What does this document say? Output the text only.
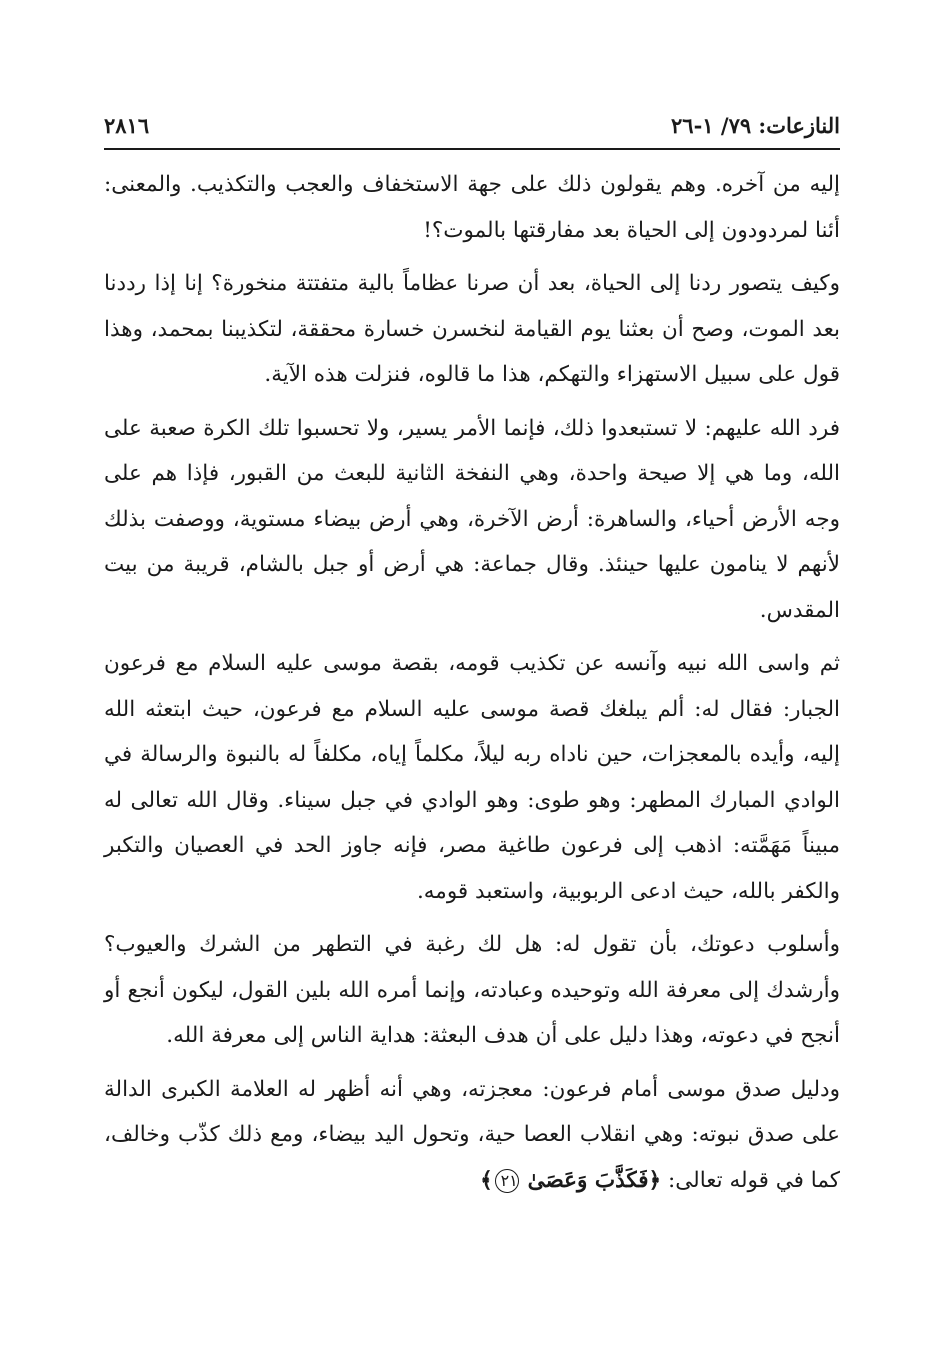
النازعات: ٧٩/ ١-٢٦
٢٨١٦

إليه من آخره. وهم يقولون ذلك على جهة الاستخفاف والعجب والتكذيب. والمعنى: أئنا لمردودون إلى الحياة بعد مفارقتها بالموت؟!

وكيف يتصور ردنا إلى الحياة، بعد أن صرنا عظاماً بالية متفتتة منخورة؟ إنا إذا رددنا بعد الموت، وصح أن بعثنا يوم القيامة لنخسرن خسارة محققة، لتكذيبنا بمحمد، وهذا قول على سبيل الاستهزاء والتهكم، هذا ما قالوه، فنزلت هذه الآية.

فرد الله عليهم: لا تستبعدوا ذلك، فإنما الأمر يسير، ولا تحسبوا تلك الكرة صعبة على الله، وما هي إلا صيحة واحدة، وهي النفخة الثانية للبعث من القبور، فإذا هم على وجه الأرض أحياء، والساهرة: أرض الآخرة، وهي أرض بيضاء مستوية، ووصفت بذلك لأنهم لا ينامون عليها حينئذ. وقال جماعة: هي أرض أو جبل بالشام، قريبة من بيت المقدس.

ثم واسى الله نبيه وآنسه عن تكذيب قومه، بقصة موسى عليه السلام مع فرعون الجبار: فقال له: ألم يبلغك قصة موسى عليه السلام مع فرعون، حيث ابتعثه الله إليه، وأيده بالمعجزات، حين ناداه ربه ليلاً، مكلماً إياه، مكلفاً له بالنبوة والرسالة في الوادي المبارك المطهر: وهو طوى: وهو الوادي في جبل سيناء. وقال الله تعالى له مبيناً مَهَمَّته: اذهب إلى فرعون طاغية مصر، فإنه جاوز الحد في العصيان والتكبر والكفر بالله، حيث ادعى الربوبية، واستعبد قومه.

وأسلوب دعوتك، بأن تقول له: هل لك رغبة في التطهر من الشرك والعيوب؟ وأرشدك إلى معرفة الله وتوحيده وعبادته، وإنما أمره الله بلين القول، ليكون أنجع أو أنجح في دعوته، وهذا دليل على أن هدف البعثة: هداية الناس إلى معرفة الله.

ودليل صدق موسى أمام فرعون: معجزته، وهي أنه أظهر له العلامة الكبرى الدالة على صدق نبوته: وهي انقلاب العصا حية، وتحول اليد بيضاء، ومع ذلك كذّب وخالف، كما في قوله تعالى: ﴿فَكَذَّبَ وَعَصَىٰ ٢١﴾
